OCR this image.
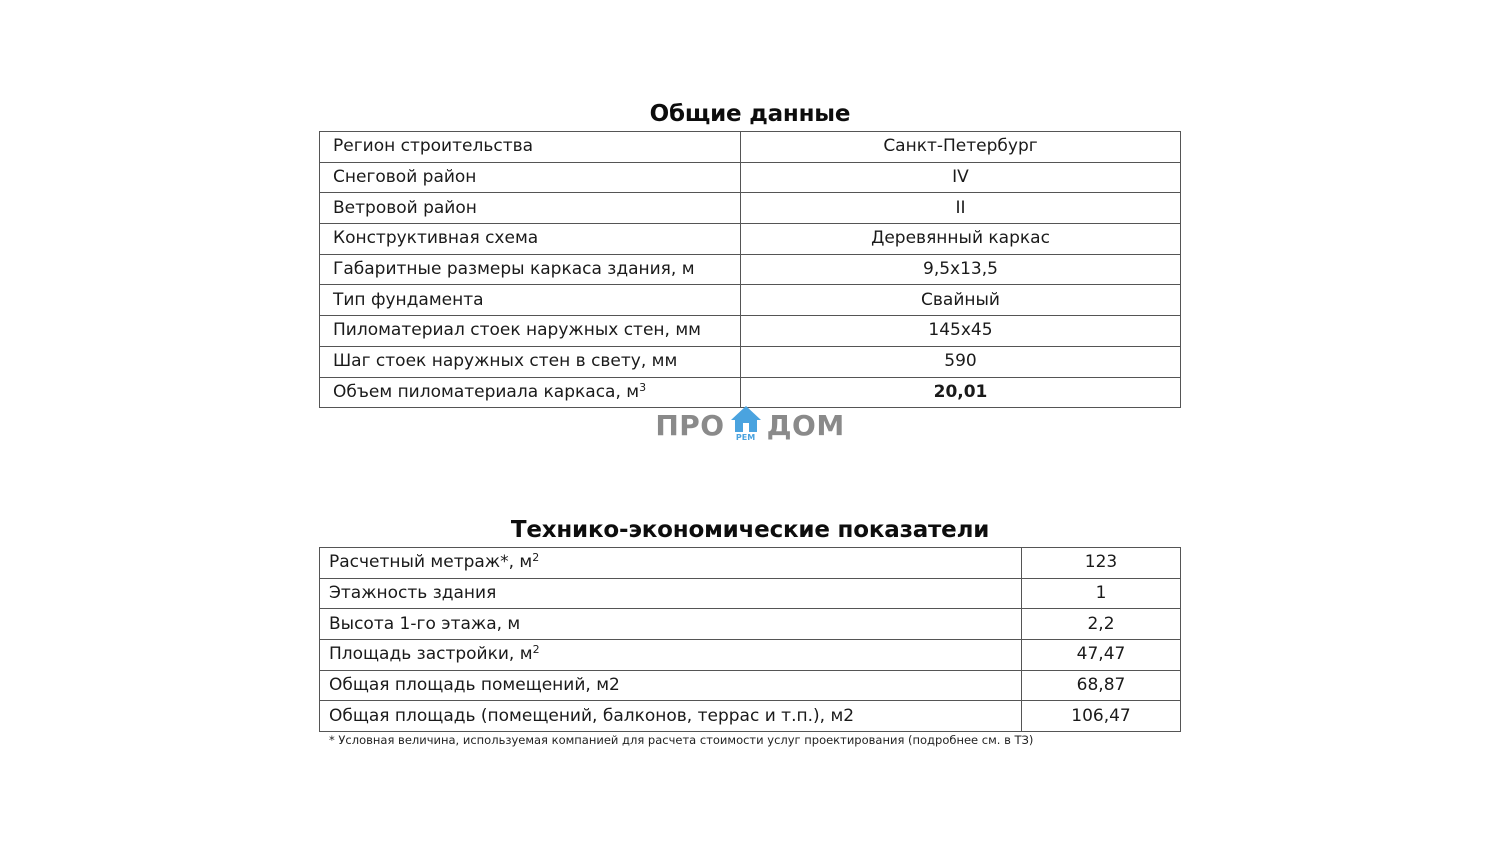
Общие данные
Регион строительства	Санкт-Петербург
Снеговой район	IV
Ветровой район	II
Конструктивная схема	Деревянный каркас
Габаритные размеры каркаса здания, м	9,5х13,5
Тип фундамента	Свайный
Пиломатериал стоек наружных стен, мм	145х45
Шаг стоек наружных стен в свету, мм	590
Объем пиломатериала каркаса, $м^3$	20,01
ПРО	РЕМ ДОМ
Технико-экономические показатели
Расчетный метраж*, $м^2$	123
Этажность здания	1
Высота 1-го этажа, м	2,2
Площадь застройки, $м^2$	47,47
Общая площадь помещений, м2	68,87
Общая площадь (помещений, балконов, террас и т.п.), м2	106,47
* Условная величина, используемая компанией для расчета стоимости услуг проектирования (подробнее см. в ТЗ)
